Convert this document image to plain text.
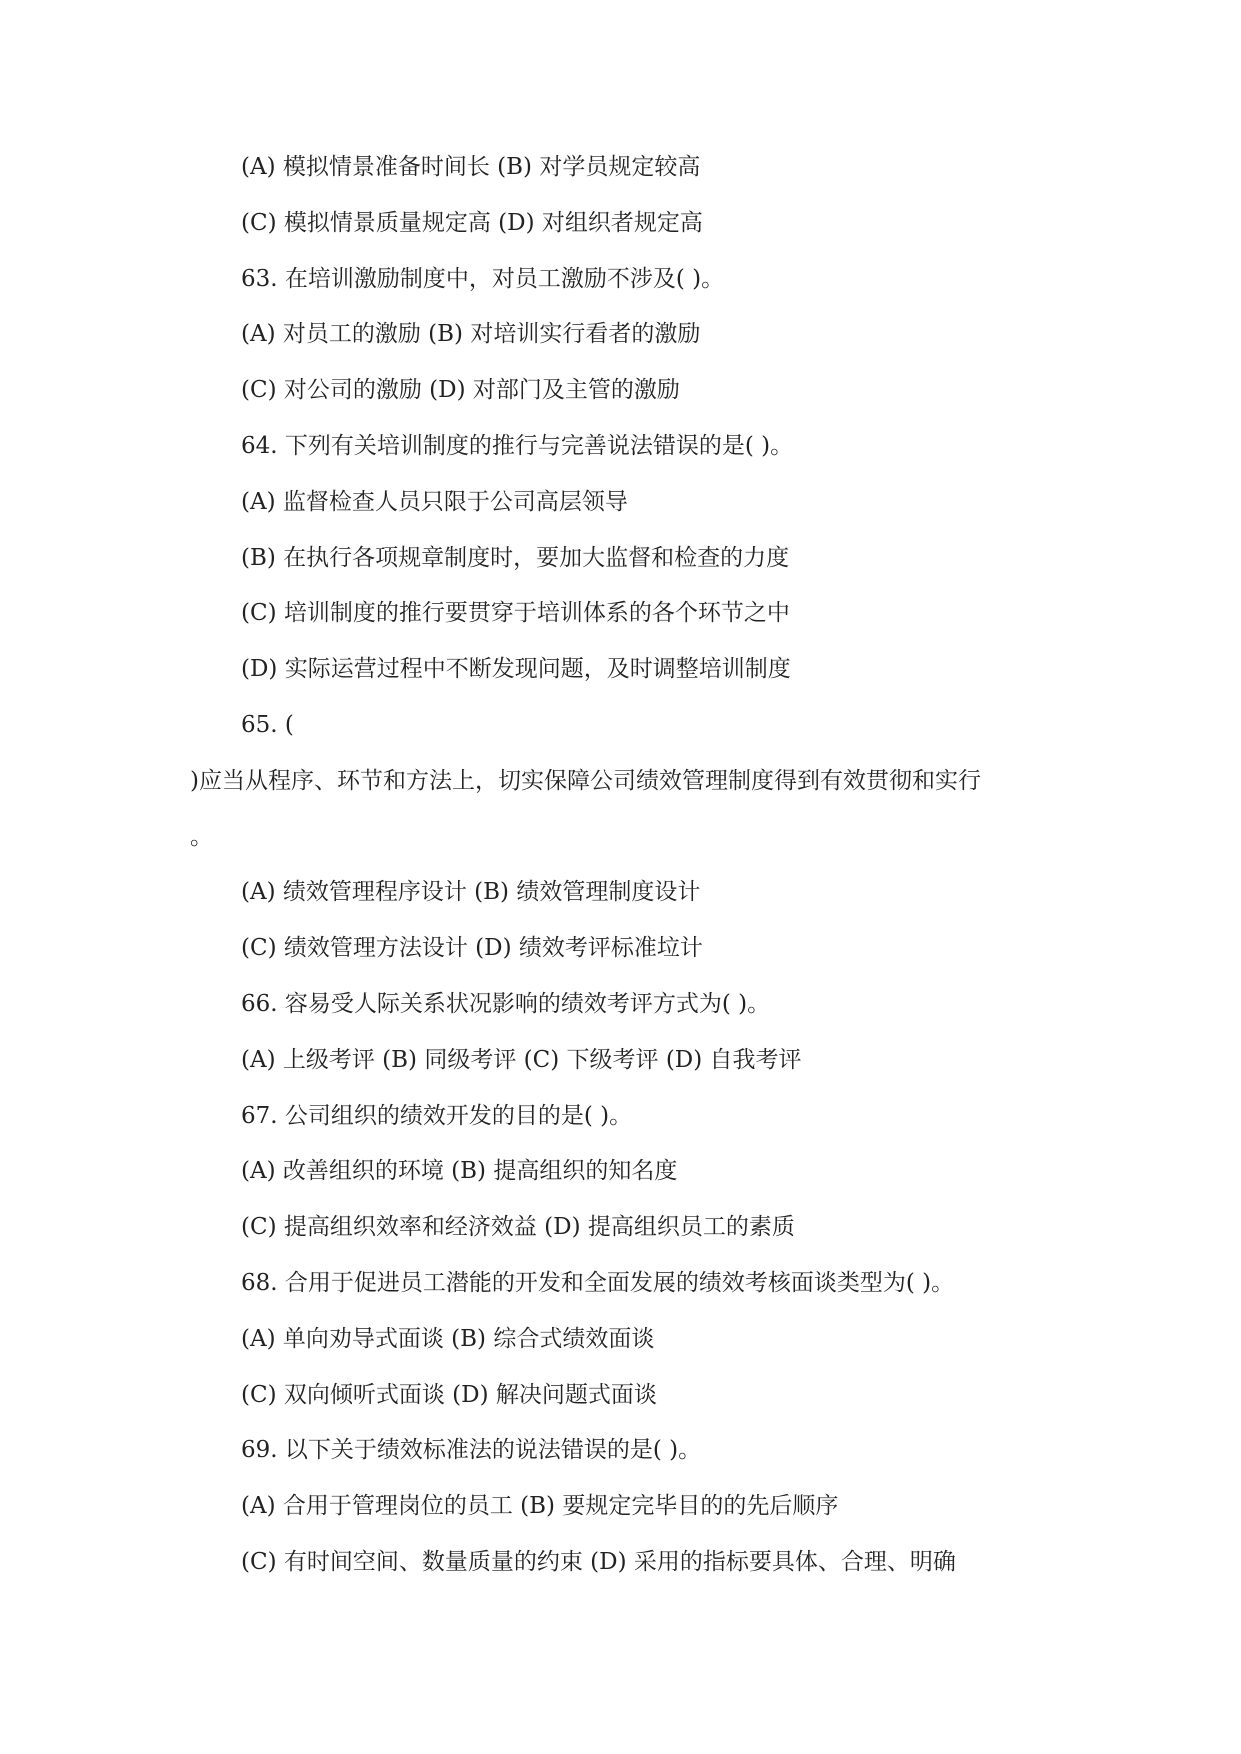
(A) 模拟情景准备时间长 (B) 对学员规定较高
(C) 模拟情景质量规定高 (D) 对组织者规定高
63. 在培训激励制度中，对员工激励不涉及( )。
(A) 对员工的激励 (B) 对培训实行看者的激励
(C) 对公司的激励 (D) 对部门及主管的激励
64. 下列有关培训制度的推行与完善说法错误的是( )。
(A) 监督检查人员只限于公司高层领导
(B) 在执行各项规章制度时，要加大监督和检查的力度
(C) 培训制度的推行要贯穿于培训体系的各个环节之中
(D) 实际运营过程中不断发现问题，及时调整培训制度
65. (
)应当从程序、环节和方法上，切实保障公司绩效管理制度得到有效贯彻和实行
。
(A) 绩效管理程序设计 (B) 绩效管理制度设计
(C) 绩效管理方法设计 (D) 绩效考评标准垃计
66. 容易受人际关系状况影响的绩效考评方式为( )。
(A) 上级考评 (B) 同级考评 (C) 下级考评 (D) 自我考评
67. 公司组织的绩效开发的目的是( )。
(A) 改善组织的环境 (B) 提高组织的知名度
(C) 提高组织效率和经济效益 (D) 提高组织员工的素质
68. 合用于促进员工潜能的开发和全面发展的绩效考核面谈类型为( )。
(A) 单向劝导式面谈 (B) 综合式绩效面谈
(C) 双向倾听式面谈 (D) 解决问题式面谈
69. 以下关于绩效标准法的说法错误的是( )。
(A) 合用于管理岗位的员工 (B) 要规定完毕目的的先后顺序
(C) 有时间空间、数量质量的约束 (D) 采用的指标要具体、合理、明确
